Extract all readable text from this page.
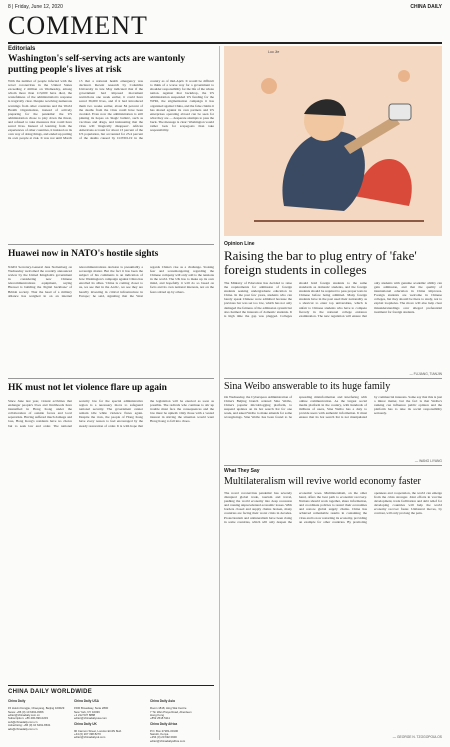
8 | Friday, June 12, 2020	CHINA DAILY
COMMENT
Editorials
Washington's self-serving acts are wantonly putting people's lives at risk
With the number of people infected with the novel coronavirus in the United States exceeding 2 million on Wednesday, among whom more than 113,000 have died, the wastefulness of the administration's response is tragically clear. Despite receiving numerous warnings from other countries and the World Health Organization, instead of actively preparing for the pandemic the US administration chose to play down the threat, and refused to take measures that could have saved lives. Instead of learning from the experiences of other countries, it insisted on its own way of doing things, and ended up putting its own people at risk. It was not until March 13 that a national health emergency was declared. Recent research by Columbia University in late May indicated that if the government had imposed movement restrictions one week earlier, it could have saved 36,000 lives, and if it had introduced them two weeks earlier, about 84 percent of the deaths from the virus could have been avoided. Even now the administration is still pinning its hopes on 'magic bullets', such as vaccines and drugs, and insinuating that the virus will 'magically disappear'. African Americans account for about 13 percent of the US population, but accounted for 23.4 percent of the deaths caused by COVID-19 in the country as of mid-April. It would be difficult to think of a worse way for a government to shoulder responsibility for the life of the whole nation. Against that backdrop, the US administration suspended US funding for the WHO, the stigmatization campaign it has organized against China, and the false claims it has shared against its own partners and US enterprises operating abroad can be seen for what they are — desperate attempts to pass the buck. The message is clear: Washington would rather look for scapegoats than take responsibility.
Huawei now in NATO's hostile sights
NATO Secretary-General Jens Stoltenberg on Wednesday welcomed the recently announced review by the United Kingdom's government in considering new Chinese telecommunications equipment, saying Huawei is building the 'digital backbone' of British society. That the head of a military alliance has weighed in on an internal telecommunications decision is presumably a sovereign matter. But the fact it has been the subject of his comments is an indication of how Washington's campaign against China has enrolled its allies. 'China is coming closer to us, we see that in the Arctic, we see they are heavily investing in critical infrastructure in Europe,' he said, signaling that the West regards China's rise as a challenge. Stoking fear and scaremongering regarding the Chinese company will only add to the tensions in the world. The UK has to make up its own mind, and hopefully it will do so based on facts and its own national interests, not on the fears stirred up by others.
HK must not let violence flare up again
Since June last year, violent activities that endanger people's lives and livelihoods have intensified in Hong Kong under the collaboration of outside forces and local separatists. Having suffered much damage and loss, Hong Kong's residents have no choice but to seek law and order. The national security law for the special administrative region is a necessary move to safeguard national security. The government cannot remain idle while violence flares again. Despite the riots, the people of Hong Kong have every reason to feel encouraged by the steady restoration of order. It is with hope that the legislation will be enacted as soon as possible. The radicals who continue to stir up trouble must face the consequences and the law must be upheld. Only those with a vested interest in stirring the situation would want Hong Kong to fall into chaos.
CHINA DAILY WORLDWIDE

China Daily

15 Huixin Dongjie, Chaoyang, Beijing 100029
News: +86 (0) 10 6491-8366
editor@chinadaily.com.cn
Subscription: +86 400-699-0203
sub@chinadaily.com.cn
Advertising: +86 (0) 10 6491-8631
ads@chinadaily.com.cn

China Daily USA

1500 Broadway, Suite 2800
New York, NY 10036
+1 212 537 8888
editor@chinadailyusa.com

China Daily UK

90 Cannon Street, London EC4N 6HA
+44 (0) 207 398 8270
editor@chinadailyuk.com

China Daily Asia

Room 1818, Hing Wai Centre
7 Tin Wan Praya Road, Aberdeen
Hong Kong
+852 2518 5111

China Daily Africa

P.O. Box 27281-00100
Nairobi, Kenya
+254 (0) 20 692 0900
editor@chinadailyafrica.com

Luo Jie
Opinion Line
Raising the bar to plug entry of 'fake' foreign students in colleges
The Ministry of Education has decided to raise the requirements for admission of foreign students seeking undergraduate education in China. In the past few years, students who can barely speak Chinese were admitted because the previous bar was set too low, which has not only damaged the fairness of the admission system but also harmed the interests of domestic students. It is high time the gap was plugged. Colleges should hold foreign students to the same standards as domestic students, and the foreign students should be required to pass proper tests in Chinese before being admitted. Many foreign students have in the past used their nationality as a shortcut to enter top universities, which is unfair to Chinese students who have to compete fiercely in the national college entrance examination. The new regulation will ensure that only students with genuine academic ability can gain admission, and that the quality of international education in China improves. Foreign students are welcome in Chinese colleges, but they should be there to study, not to exploit loopholes. The move will also help clear misunderstandings over alleged preferential treatment for foreign students.
— FUJIANG, TIANJIN
Sina Weibo answerable to its huge family
On Wednesday, the Cyberspace Administration of China's Beijing branch ordered Sina Weibo, China's popular microblogging platform, to suspend updates on its hot search list for one week, and asked Weibo to make amends for some wrongdoings. Sina Weibo has been found to be spreading misinformation and interfering with online communication. As the largest social media platform in the country, with hundreds of millions of users, Sina Weibo has a duty to provide users with authentic information. It must ensure that its hot search list is not manipulated by commercial interests. Some say that this is just a minor matter, but the fact is that Weibo's ranking can influence public opinion and the platform has to take its social responsibility seriously.
— WANG LIYANG
What They Say
Multilateralism will revive world economy faster
The novel coronavirus pandemic has severely disrupted global trade, tourism and travel, pushing the world economy into deep recession and causing unprecedented economic losses. With borders closed and supply chains broken, many countries are facing their worst crisis in decades. Protectionism and unilateralism have been rising in some countries, which will only deepen the economic woes. Multilateralism, on the other hand, offers the best path to economic recovery. Nations should work together, share information, and coordinate policies to restart their economies and restore global supply chains. China has achieved remarkable results in containing the virus and is now restarting its economy, providing an example for other countries. By promoting openness and cooperation, the world can emerge from the crisis stronger. Joint efforts in vaccine development, trade facilitation and debt relief for developing countries will help the world economy recover faster. Unilateral moves, by contrast, will only prolong the pain.
— GEORGE N. TZOGOPOULOS
